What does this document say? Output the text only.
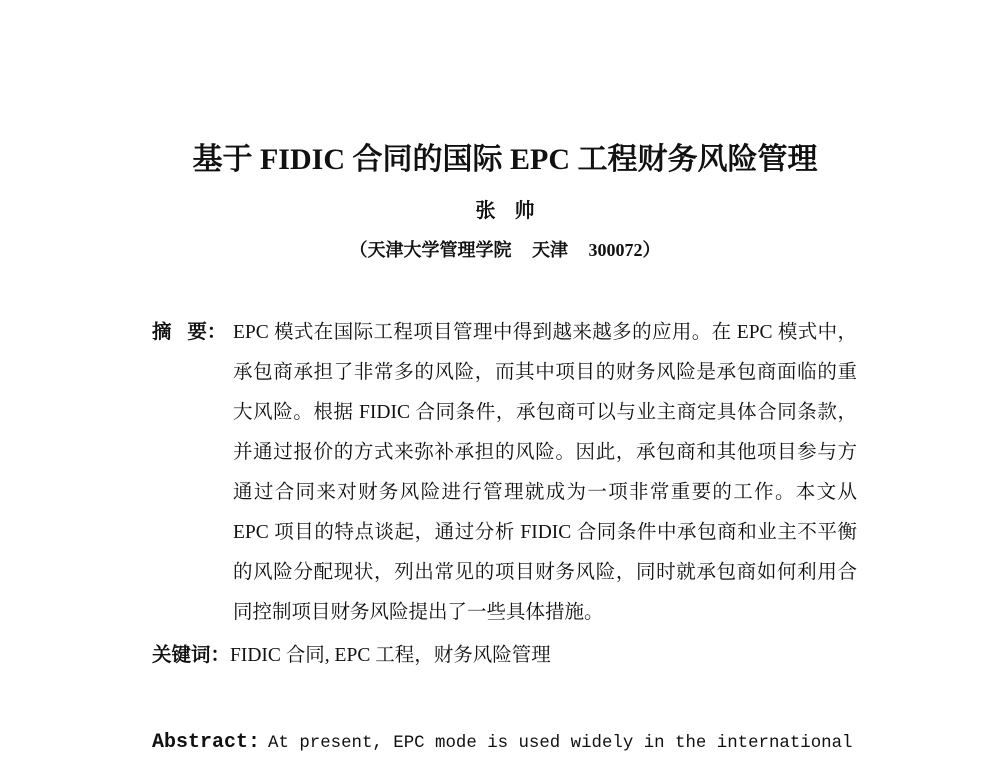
基于 FIDIC 合同的国际 EPC 工程财务风险管理
张 帅
（天津大学管理学院 天津 300072）
摘 要： EPC 模式在国际工程项目管理中得到越来越多的应用。在 EPC 模式中，
承包商承担了非常多的风险，而其中项目的财务风险是承包商面临的重
大风险。根据 FIDIC 合同条件，承包商可以与业主商定具体合同条款，
并通过报价的方式来弥补承担的风险。因此，承包商和其他项目参与方
通过合同来对财务风险进行管理就成为一项非常重要的工作。本文从
EPC 项目的特点谈起，通过分析 FIDIC 合同条件中承包商和业主不平衡
的风险分配现状，列出常见的项目财务风险，同时就承包商如何利用合
同控制项目财务风险提出了一些具体措施。
关键词：FIDIC 合同, EPC 工程，财务风险管理
Abstract: At present, EPC mode is used widely in the international
